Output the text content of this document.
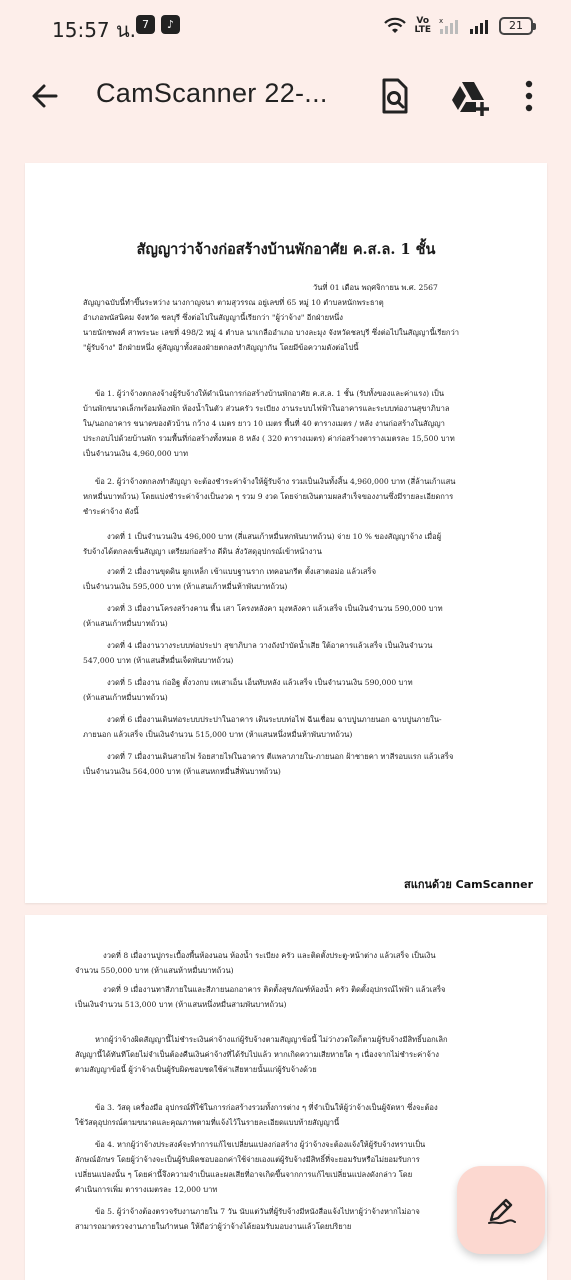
15:57 น. 7	♪	Vo
LTE
x	21
CamScanner 22-...
สัญญาว่าจ้างก่อสร้างบ้านพักอาศัย ค.ส.ล. 1 ชั้น
วันที่ 01 เดือน พฤศจิกายน พ.ศ. 2567
สัญญาฉบับนี้ทำขึ้นระหว่าง นางกาญจนา ตามสุวรรณ อยู่เลขที่ 65 หมู่ 10 ตำบลหนักพระธาตุ
อำเภอพนัสนิคม จังหวัด ชลบุรี ซึ่งต่อไปในสัญญานี้เรียกว่า "ผู้ว่าจ้าง" อีกฝ่ายหนึ่ง
นายนักชพงศ์ สาพระนะ เลขที่ 498/2 หมู่ 4 ตำบล นาเกลืออำเภอ บางละมุง จังหวัดชลบุรี ซึ่งต่อไปในสัญญานี้เรียกว่า
"ผู้รับจ้าง" อีกฝ่ายหนึ่ง คู่สัญญาทั้งสองฝ่ายตกลงทำสัญญากัน โดยมีข้อความดังต่อไปนี้
ข้อ 1. ผู้ว่าจ้างตกลงจ้างผู้รับจ้างให้ดำเนินการก่อสร้างบ้านพักอาศัย ค.ส.ล. 1 ชั้น (รับทั้งของและค่าแรง) เป็น
บ้านพักขนาดเล็กพร้อมห้องพัก ห้องน้ำในตัว ส่วนครัว ระเบียง งานระบบไฟฟ้าในอาคารและระบบท่องานสุขาภิบาล
ใน/นอกอาคาร ขนาดของตัวบ้าน กว้าง 4 เมตร ยาว 10 เมตร พื้นที่ 40 ตารางเมตร / หลัง งานก่อสร้างในสัญญา
ประกอบไปด้วยบ้านพัก รวมพื้นที่ก่อสร้างทั้งหมด 8 หลัง ( 320 ตารางเมตร) ค่าก่อสร้างตารางเมตรละ 15,500 บาท
เป็นจำนวนเงิน 4,960,000 บาท
ข้อ 2. ผู้ว่าจ้างตกลงทำสัญญา จะต้องชำระค่าจ้างให้ผู้รับจ้าง รวมเป็นเงินทั้งสิ้น 4,960,000 บาท (สี่ล้านเก้าแสน
หกหมื่นบาทถ้วน) โดยแบ่งชำระค่าจ้างเป็นงวด ๆ รวม 9 งวด โดยจ่ายเงินตามผลสำเร็จของงานซึ่งมีรายละเอียดการ
ชำระค่าจ้าง ดังนี้
งวดที่ 1 เป็นจำนวนเงิน 496,000 บาท (สี่แสนเก้าหมื่นหกพันบาทถ้วน) จ่าย 10 % ของสัญญาจ้าง เมื่อผู้
รับจ้างได้ตกลงเซ็นสัญญา เตรียมก่อสร้าง ดีดิน สั่งวัสดุอุปกรณ์เข้าหน้างาน
งวดที่ 2 เมื่องานขุดดิน ผูกเหล็ก เข้าแบบฐานราก เทคอนกรีต ตั้งเสาตอม่อ แล้วเสร็จ
เป็นจำนวนเงิน 595,000 บาท (ห้าแสนเก้าหมื่นห้าพันบาทถ้วน)
งวดที่ 3 เมื่องานโครงสร้างคาน พื้น เสา โครงหลังคา มุงหลังคา แล้วเสร็จ เป็นเงินจำนวน 590,000 บาท
(ห้าแสนเก้าหมื่นบาทถ้วน)
งวดที่ 4 เมื่องานวางระบบท่อประปา สุขาภิบาล วางถังบำบัดน้ำเสีย ใต้อาคารแล้วเสร็จ เป็นเงินจำนวน
547,000 บาท (ห้าแสนสี่หมื่นเจ็ดพันบาทถ้วน)
งวดที่ 5 เมื่องาน ก่ออิฐ ตั้งวงกบ เทเสาเอ็น เอ็นทับหลัง แล้วเสร็จ เป็นจำนวนเงิน 590,000 บาท
(ห้าแสนเก้าหมื่นบาทถ้วน)
งวดที่ 6 เมื่องานเดินท่อระบบประปาในอาคาร เดินระบบท่อไฟ ฉีนเชื่อม ฉาบปูนภายนอก ฉาบปูนภายใน-
ภายนอก แล้วเสร็จ เป็นเงินจำนวน 515,000 บาท (ห้าแสนหนึ่งหมื่นห้าพันบาทถ้วน)
งวดที่ 7 เมื่องานเดินสายไฟ ร้อยสายไฟในอาคาร ตีแพลาภายใน-ภายนอก ฝ้าชายคา ทาสีรอบแรก แล้วเสร็จ
เป็นจำนวนเงิน 564,000 บาท (ห้าแสนหกหมื่นสี่พันบาทถ้วน)
สแกนด้วย CamScanner
งวดที่ 8 เมื่องานปูกระเบื้องพื้นห้องนอน ห้องน้ำ ระเบียง ครัว และติดตั้งประตู-หน้าต่าง แล้วเสร็จ เป็นเงิน
จำนวน 550,000 บาท (ห้าแสนห้าหมื่นบาทถ้วน)
งวดที่ 9 เมื่องานทาสีภายในและสีภายนอกอาคาร ติดตั้งสุขภัณฑ์ห้องน้ำ ครัว ติดตั้งอุปกรณ์ไฟฟ้า แล้วเสร็จ
เป็นเงินจำนวน 513,000 บาท (ห้าแสนหนึ่งหมื่นสามพันบาทถ้วน)
หากผู้ว่าจ้างผิดสัญญานี้ไม่ชำระเงินค่าจ้างแก่ผู้รับจ้างตามสัญญาข้อนี้ ไม่ว่างวดใดก็ตามผู้รับจ้างมีสิทธิ์บอกเลิก
สัญญานี้ได้ทันทีโดยไม่จำเป็นต้องคืนเงินค่าจ้างที่ได้รับไปแล้ว หากเกิดความเสียหายใด ๆ เนื่องจากไม่ชำระค่าจ้าง
ตามสัญญาข้อนี้ ผู้ว่าจ้างเป็นผู้รับผิดชอบชดใช้ค่าเสียหายนั้นแก่ผู้รับจ้างด้วย
ข้อ 3. วัสดุ เครื่องมือ อุปกรณ์ที่ใช้ในการก่อสร้างรวมทั้งการต่าง ๆ ที่จำเป็นให้ผู้ว่าจ้างเป็นผู้จัดหา ซึ่งจะต้อง
ใช้วัสดุอุปกรณ์ตามขนาดและคุณภาพตามที่แจ้งไว้ในรายละเอียดแบบท้ายสัญญานี้
ข้อ 4. หากผู้ว่าจ้างประสงค์จะทำการแก้ไขเปลี่ยนแปลงก่อสร้าง ผู้ว่าจ้างจะต้องแจ้งให้ผู้รับจ้างทราบเป็น
ลักษณ์อักษร โดยผู้ว่าจ้างจะเป็นผู้รับผิดชอบออกค่าใช้จ่ายเองแต่ผู้รับจ้างมีสิทธิ์ที่จะยอมรับหรือไม่ยอมรับการ
เปลี่ยนแปลงนั้น ๆ โดยค่านี้จึงความจำเป็นและผลเสียที่อาจเกิดขึ้นจากการแก้ไขเปลี่ยนแปลงดังกล่าว โดย
คำเนินการเพิ่ม ตารางเมตรละ 12,000 บาท
ข้อ 5. ผู้ว่าจ้างต้องตรวจรับงานภายใน 7 วัน นับแต่วันที่ผู้รับจ้างมีหนังสือแจ้งไปหาผู้ว่าจ้างหากไม่อาจ
สามารถมาตรวจงานภายในกำหนด ให้ถือว่าผู้ว่าจ้างได้ยอมรับมอบงานแล้วโดยปริยาย
